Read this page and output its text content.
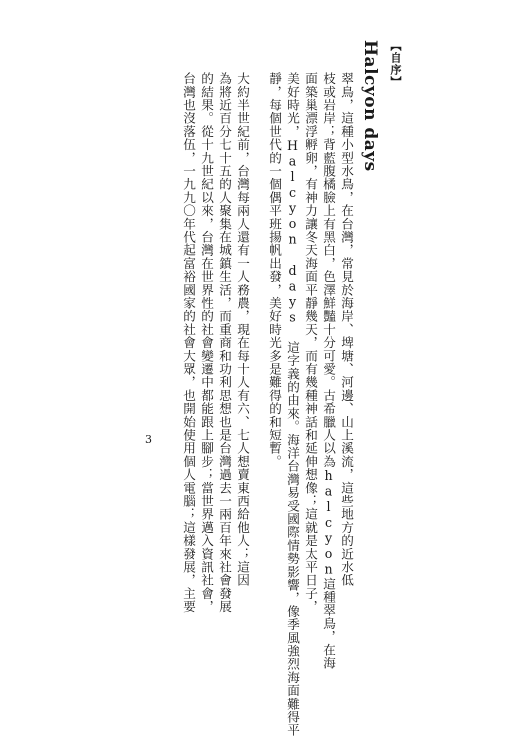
【自序】
Halcyon days
翠鳥，這種小型水鳥，在台灣，常見於海岸、埤塘、河邊、山上溪流，這些地方的近水低
枝或岩岸；背藍腹橘臉上有黑白，色澤鮮豔十分可愛。古希臘人以為halcyon這種翠鳥，在海
面築巢漂浮孵卵，有神力讓冬天海面平靜幾天，而有幾種神話和延伸想像；這就是太平日子，
美好時光，Halcyon days 這字義的由來。海洋台灣易受國際情勢影響，像季風強烈海面難得平
靜，每個世代的一個偶平班揚帆出發，美好時光多是難得的和短暫。
大約半世紀前，台灣每兩人還有一人務農，現在每十人有六、七人想賣東西給他人；這因
為將近百分七十五的人聚集在城鎮生活，而重商和功利思想也是台灣過去一兩百年來社會發展
的結果。從十九世紀以來，台灣在世界性的社會變遷中都能跟上腳步；當世界邁入資訊社會，
台灣也沒落伍，一九九〇年代起富裕國家的社會大眾，也開始使用個人電腦；這樣發展，主要
3
